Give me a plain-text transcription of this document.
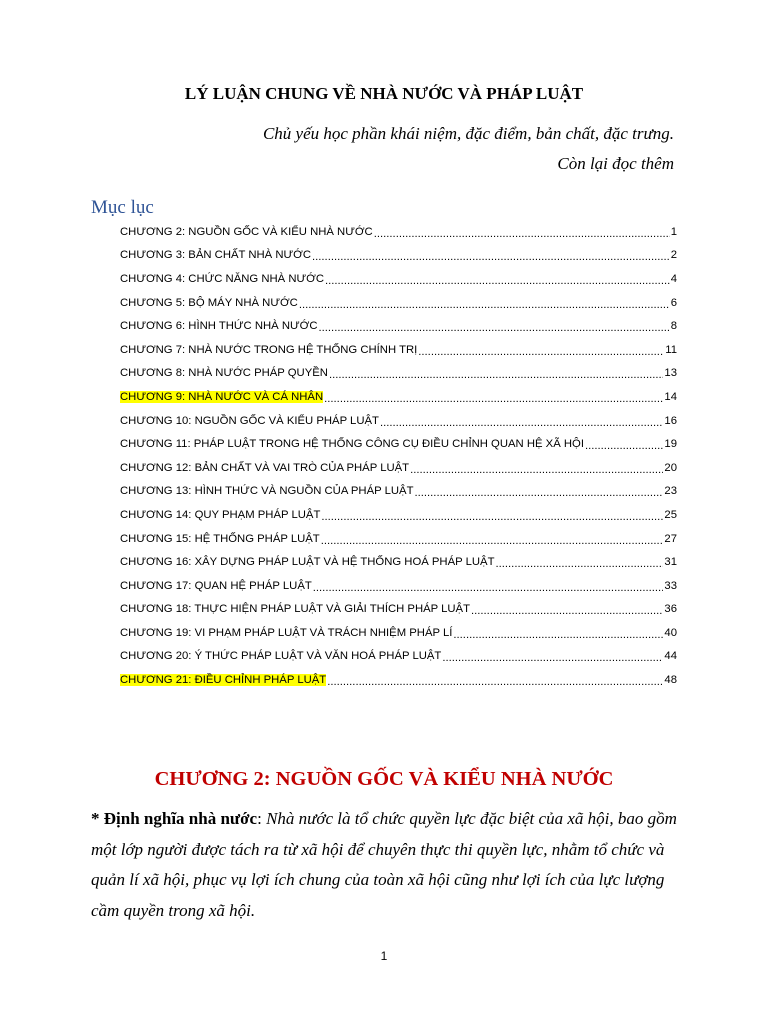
LÝ LUẬN CHUNG VỀ NHÀ NƯỚC VÀ PHÁP LUẬT
Chủ yếu học phần khái niệm, đặc điểm, bản chất, đặc trưng.
Còn lại đọc thêm
Mục lục
CHƯƠNG 2: NGUỒN GỐC VÀ KIỂU NHÀ NƯỚC .....	1
CHƯƠNG 3: BẢN CHẤT NHÀ NƯỚC .....	2
CHƯƠNG 4: CHỨC NĂNG NHÀ NƯỚC .....	4
CHƯƠNG 5: BỘ MÁY NHÀ NƯỚC .....	6
CHƯƠNG 6: HÌNH THỨC NHÀ NƯỚC .....	8
CHƯƠNG 7: NHÀ NƯỚC TRONG HỆ THỐNG CHÍNH TRỊ .....	11
CHƯƠNG 8: NHÀ NƯỚC PHÁP QUYỀN .....	13
CHƯƠNG 9: NHÀ NƯỚC VÀ CÁ NHÂN .....	14
CHƯƠNG 10: NGUỒN GỐC VÀ KIỂU PHÁP LUẬT .....	16
CHƯƠNG 11: PHÁP LUẬT TRONG HỆ THỐNG CÔNG CỤ ĐIỀU CHỈNH QUAN HỆ XÃ HỘI .....	19
CHƯƠNG 12: BẢN CHẤT VÀ VAI TRÒ CỦA PHÁP LUẬT .....	20
CHƯƠNG 13: HÌNH THỨC VÀ NGUỒN CỦA PHÁP LUẬT .....	23
CHƯƠNG 14: QUY PHẠM PHÁP LUẬT .....	25
CHƯƠNG 15: HỆ THỐNG PHÁP LUẬT .....	27
CHƯƠNG 16: XÂY DỰNG PHÁP LUẬT VÀ HỆ THỐNG HOÁ PHÁP LUẬT .....	31
CHƯƠNG 17: QUAN HỆ PHÁP LUẬT .....	33
CHƯƠNG 18: THỰC HIỆN PHÁP LUẬT VÀ GIẢI THÍCH PHÁP LUẬT .....	36
CHƯƠNG 19: VI PHẠM PHÁP LUẬT VÀ TRÁCH NHIỆM PHÁP LÍ .....	40
CHƯƠNG 20: Ý THỨC PHÁP LUẬT VÀ VĂN HOÁ PHÁP LUẬT .....	44
CHƯƠNG 21: ĐIỀU CHỈNH PHÁP LUẬT .....	48
CHƯƠNG 2: NGUỒN GỐC VÀ KIỂU NHÀ NƯỚC
* Định nghĩa nhà nước: Nhà nước là tổ chức quyền lực đặc biệt của xã hội, bao gồm một lớp người được tách ra từ xã hội để chuyên thực thi quyền lực, nhằm tổ chức và quản lí xã hội, phục vụ lợi ích chung của toàn xã hội cũng như lợi ích của lực lượng cầm quyền trong xã hội.
1
